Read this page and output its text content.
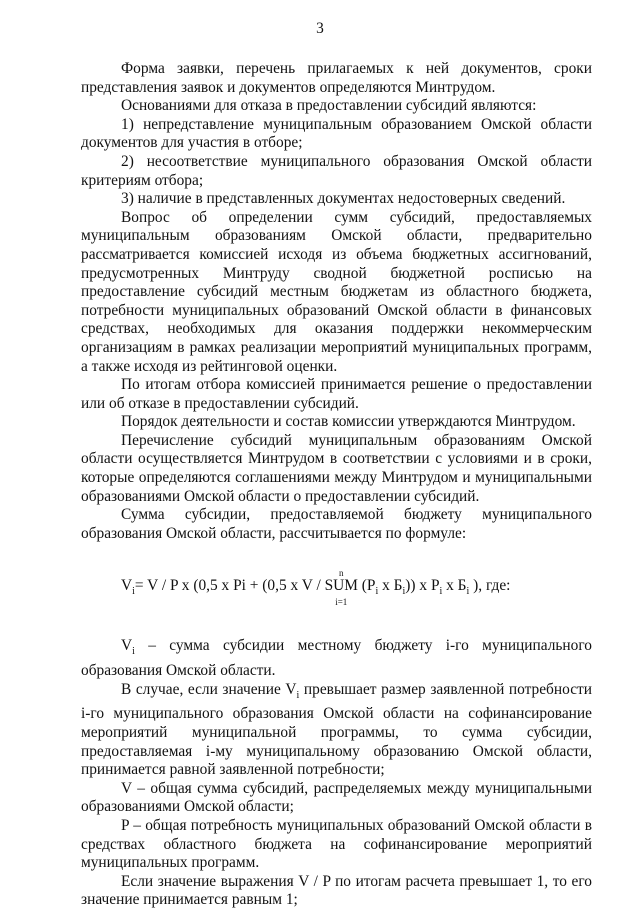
3

Форма заявки, перечень прилагаемых к ней документов, сроки представления заявок и документов определяются Минтрудом.

Основаниями для отказа в предоставлении субсидий являются:

1) непредставление муниципальным образованием Омской области документов для участия в отборе;

2) несоответствие муниципального образования Омской области критериям отбора;

3) наличие в представленных документах недостоверных сведений.

Вопрос об определении сумм субсидий, предоставляемых муниципальным образованиям Омской области, предварительно рассматривается комиссией исходя из объема бюджетных ассигнований, предусмотренных Минтруду сводной бюджетной росписью на предоставление субсидий местным бюджетам из областного бюджета, потребности муниципальных образований Омской области в финансовых средствах, необходимых для оказания поддержки некоммерческим организациям в рамках реализации мероприятий муниципальных программ, а также исходя из рейтинговой оценки.

По итогам отбора комиссией принимается решение о предоставлении или об отказе в предоставлении субсидий.

Порядок деятельности и состав комиссии утверждаются Минтрудом.

Перечисление субсидий муниципальным образованиям Омской области осуществляется Минтрудом в соответствии с условиями и в сроки, которые определяются соглашениями между Минтрудом и муниципальными образованиями Омской области о предоставлении субсидий.

Сумма субсидии, предоставляемой бюджету муниципального образования Омской области, рассчитывается по формуле:

$V_i= V / P$ x (0,5 x Pi + (0,5 x V /
n
SUM
i=1
($P_i$ x $Б_i$)) x $P_i$ x $Б_i$ ), где:

$V_i$ – сумма субсидии местному бюджету i-го муниципального образования Омской области.

В случае, если значение $V_i$ превышает размер заявленной потребности i-го муниципального образования Омской области на софинансирование мероприятий муниципальной программы, то сумма субсидии, предоставляемая i-му муниципальному образованию Омской области, принимается равной заявленной потребности;

V – общая сумма субсидий, распределяемых между муниципальными образованиями Омской области;

P – общая потребность муниципальных образований Омской области в средствах областного бюджета на софинансирование мероприятий муниципальных программ.

Если значение выражения V / P по итогам расчета превышает 1, то его значение принимается равным 1;
